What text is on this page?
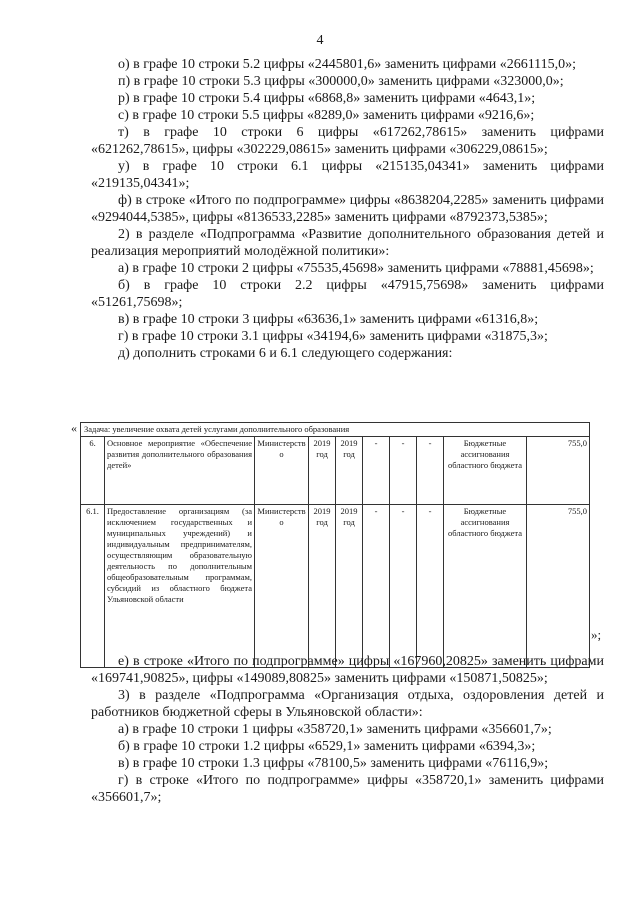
4

о) в графе 10 строки 5.2 цифры «2445801,6» заменить цифрами «2661115,0»;

п) в графе 10 строки 5.3 цифры «300000,0» заменить цифрами «323000,0»;

р) в графе 10 строки 5.4 цифры «6868,8» заменить цифрами «4643,1»;

с) в графе 10 строки 5.5 цифры «8289,0» заменить цифрами «9216,6»;

т) в графе 10 строки 6 цифры «617262,78615» заменить цифрами «621262,78615», цифры «302229,08615» заменить цифрами «306229,08615»;

у) в графе 10 строки 6.1 цифры «215135,04341» заменить цифрами «219135,04341»;

ф) в строке «Итого по подпрограмме» цифры «8638204,2285» заменить цифрами «9294044,5385», цифры «8136533,2285» заменить цифрами «8792373,5385»;

2) в разделе «Подпрограмма «Развитие дополнительного образования детей и реализация мероприятий молодёжной политики»:

а) в графе 10 строки 2 цифры «75535,45698» заменить цифрами «78881,45698»;

б) в графе 10 строки 2.2 цифры «47915,75698» заменить цифрами «51261,75698»;

в) в графе 10 строки 3 цифры «63636,1» заменить цифрами «61316,8»;

г) в графе 10 строки 3.1 цифры «34194,6» заменить цифрами «31875,3»;

д) дополнить строками 6 и 6.1 следующего содержания:

« Задача: увеличение охвата детей услугами дополнительного образования									
6.	Основное мероприятие «Обеспечение развития дополнительного образования детей»	Министерство	2019 год	2019 год	-	-	-	Бюджетные ассигнования областного бюджета	755,0
6.1.	Предоставление организациям (за исключением государственных и муниципальных учреждений) и индивидуальным предпринимателям, осуществляющим образовательную деятельность по дополнительным общеобразовательным программам, субсидий из областного бюджета Ульяновской области	Министерство	2019 год	2019 год	-	-	-	Бюджетные ассигнования областного бюджета	755,0
»;

е) в строке «Итого по подпрограмме» цифры «167960,20825» заменить цифрами «169741,90825», цифры «149089,80825» заменить цифрами «150871,50825»;

3) в разделе «Подпрограмма «Организация отдыха, оздоровления детей и работников бюджетной сферы в Ульяновской области»:

а) в графе 10 строки 1 цифры «358720,1» заменить цифрами «356601,7»;

б) в графе 10 строки 1.2 цифры «6529,1» заменить цифрами «6394,3»;

в) в графе 10 строки 1.3 цифры «78100,5» заменить цифрами «76116,9»;

г) в строке «Итого по подпрограмме» цифры «358720,1» заменить цифрами «356601,7»;
